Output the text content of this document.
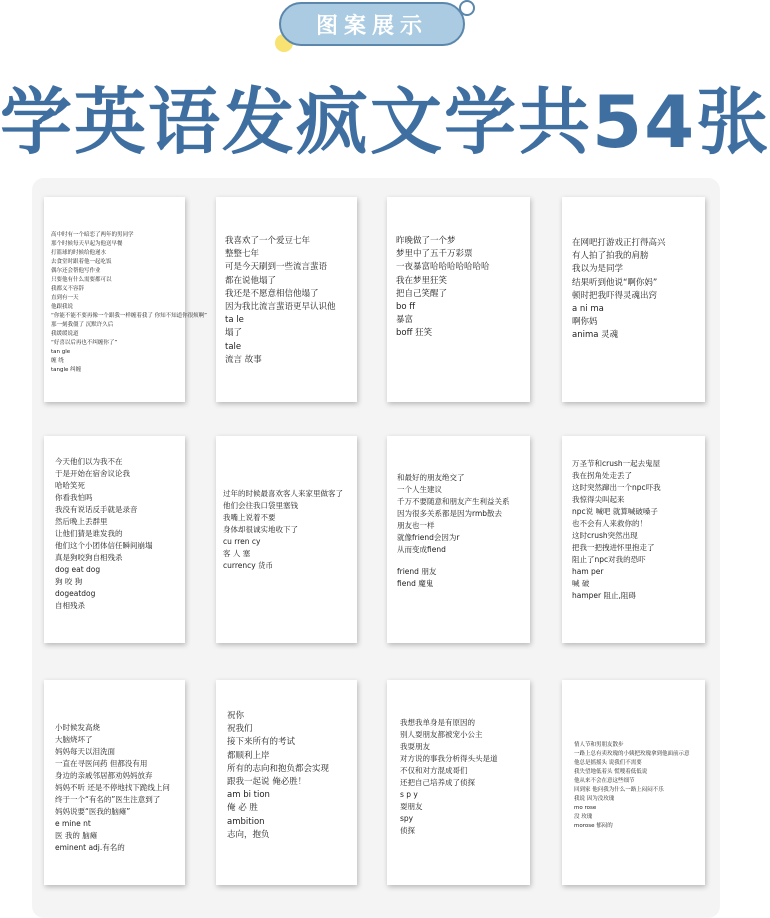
图案展示
学英语发疯文学共54张
高中时有一个暗恋了两年的男同学
那个时候每天早起为他送早餐
打篮球的时候给他递水
去食堂时跟着他一起吃饭
偶尔还会帮他写作业
只要他有什么需要都可以
我都义不容辞
直到有一天
他跟我说
“你能不能不要再像一个跟我一样缠着我了 你知不知道你很烦啊”
那一刻我僵了 沉默许久后
我缓缓说道
“好喜以后再也不纠缠你了”
tan gle
缠 绕
tangle 纠缠
我喜欢了一个爱豆七年
整整七年
可是今天刷到一些流言蜚语
都在说他塌了
我还是不愿意相信他塌了
因为我比流言蜚语更早认识他
ta le
塌了
tale
流言 故事
昨晚做了一个梦
梦里中了五千万彩票
一夜暴富哈哈哈哈哈哈哈
我在梦里狂笑
把自己笑醒了
bo ff
暴富
boff 狂笑
在网吧打游戏正打得高兴
有人拍了拍我的肩膀
我以为是同学
结果听到他说“啊你妈”
顿时把我吓得灵魂出窍
a ni ma
啊你妈
anima 灵魂
今天他们以为我不在
于是开始在宿舍议论我
哈哈笑死
你看我怕吗
我没有说话反手就是录音
然后晚上丢群里
让他们猜是谁发我的
他们这个小团体信任瞬间崩塌
真是狗咬狗自相残杀
dog eat dog
狗 咬 狗
dogeatdog
自相残杀
过年的时候最喜欢客人来家里做客了
他们会往我口袋里塞钱
我嘴上说着不要
身体却很诚实地收下了
cu rren cy
客 人 塞
currency 货币
和最好的朋友绝交了
一个人生建议
千万不要随意和朋友产生利益关系
因为很多关系都是因为rmb散去
朋友也一样
就像friend会因为r
从而变成fiend
friend 朋友
fiend 魔鬼
万圣节和crush一起去鬼屋
我在拐角处走丢了
这时突然蹿出一个npc吓我
我惊得尖叫起来
npc说 喊吧 就算喊破嗓子
也不会有人来救你的！
这时crush突然出现
把我一把拽进怀里抱走了
阻止了npc对我的恐吓
ham per
喊 破
hamper 阻止,阻碍
小时候发高烧
大脑烧坏了
妈妈每天以泪洗面
一直在寻医问药 但都没有用
身边的亲戚邻居都劝妈妈放弃
妈妈不听 还是不停地找下跪线上问
终于一个“有名的”医生注意到了
妈妈说要“医我的脑瘫”
e mine nt
医 我的 脑瘫
eminent adj.有名的
祝你
祝我们
接下来所有的考试
都顺利上岸
所有的志向和抱负都会实现
跟我一起说 俺必胜！
am bi tion
俺 必 胜
ambition
志向，抱负
我想我单身是有原因的
别人耍朋友都被宠小公主
我耍朋友
对方说的事我分析得头头是道
不仅和对方混成哥们
还把自己培养成了侦探
s p y
耍朋友
spy
侦探
情人节和男朋友散步
一路上总有卖玫瑰的小姨把玫瑰拿到他面前示意
他总是摇摇头 说我们不需要
我失望地低着头 慌嗖着低低说
他从来不会在意这些细节
回到家 他问我为什么一路上闷闷不乐
我说 因为没玫瑰
mo rose
没 玫瑰
morose 郁闷的
